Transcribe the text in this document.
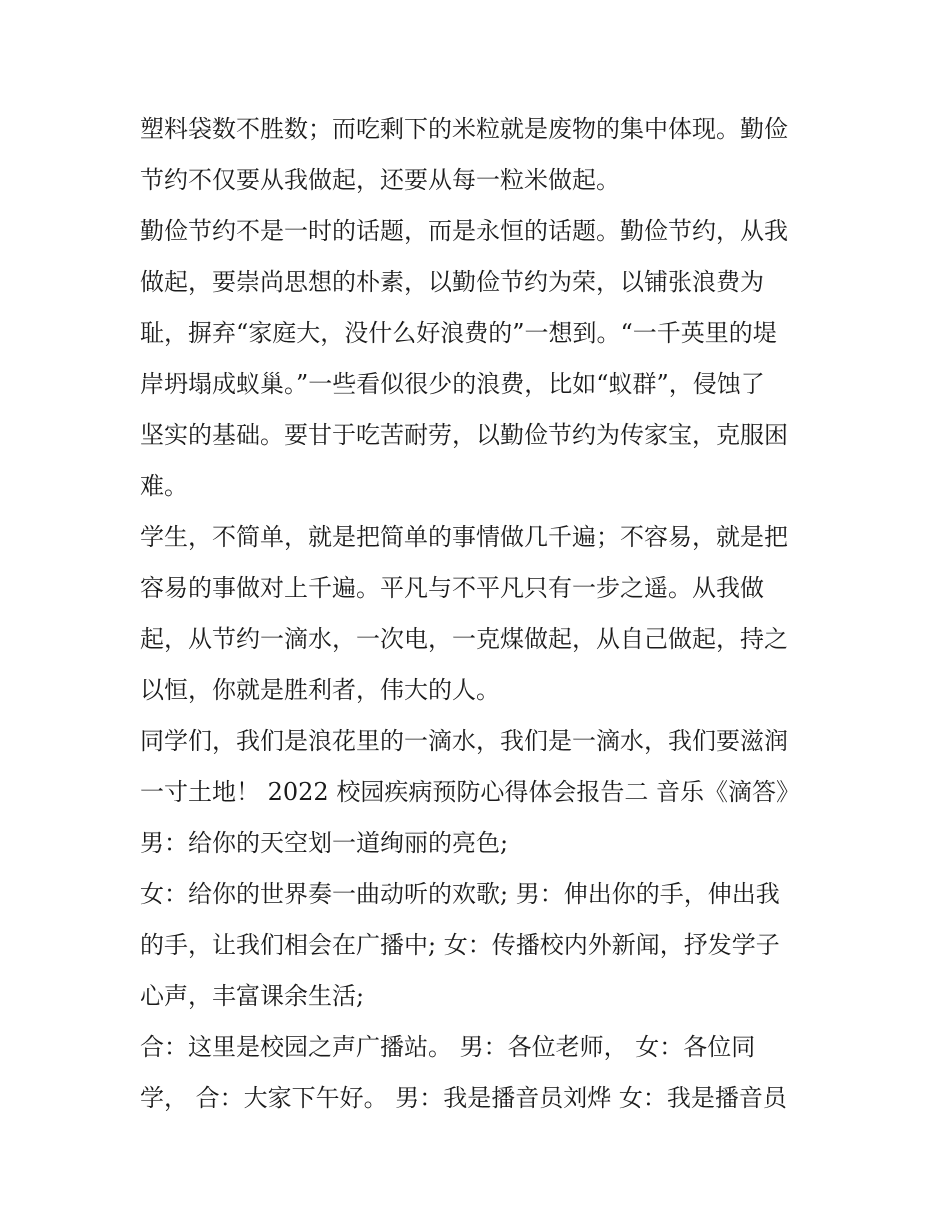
塑料袋数不胜数；而吃剩下的米粒就是废物的集中体现。勤俭
节约不仅要从我做起，还要从每一粒米做起。
勤俭节约不是一时的话题，而是永恒的话题。勤俭节约，从我
做起，要崇尚思想的朴素，以勤俭节约为荣，以铺张浪费为
耻，摒弃“家庭大，没什么好浪费的”一想到。“一千英里的堤
岸坍塌成蚁巢。”一些看似很少的浪费，比如“蚁群”，侵蚀了
坚实的基础。要甘于吃苦耐劳，以勤俭节约为传家宝，克服困
难。
学生，不简单，就是把简单的事情做几千遍；不容易，就是把
容易的事做对上千遍。平凡与不平凡只有一步之遥。从我做
起，从节约一滴水，一次电，一克煤做起，从自己做起，持之
以恒，你就是胜利者，伟大的人。
同学们，我们是浪花里的一滴水，我们是一滴水，我们要滋润
一寸土地！ 2022 校园疾病预防心得体会报告二 音乐《滴答》
男：给你的天空划一道绚丽的亮色;
女：给你的世界奏一曲动听的欢歌; 男：伸出你的手，伸出我
的手，让我们相会在广播中; 女：传播校内外新闻，抒发学子
心声，丰富课余生活;
合：这里是校园之声广播站。 男：各位老师， 女：各位同
学， 合：大家下午好。 男：我是播音员刘烨 女：我是播音员
